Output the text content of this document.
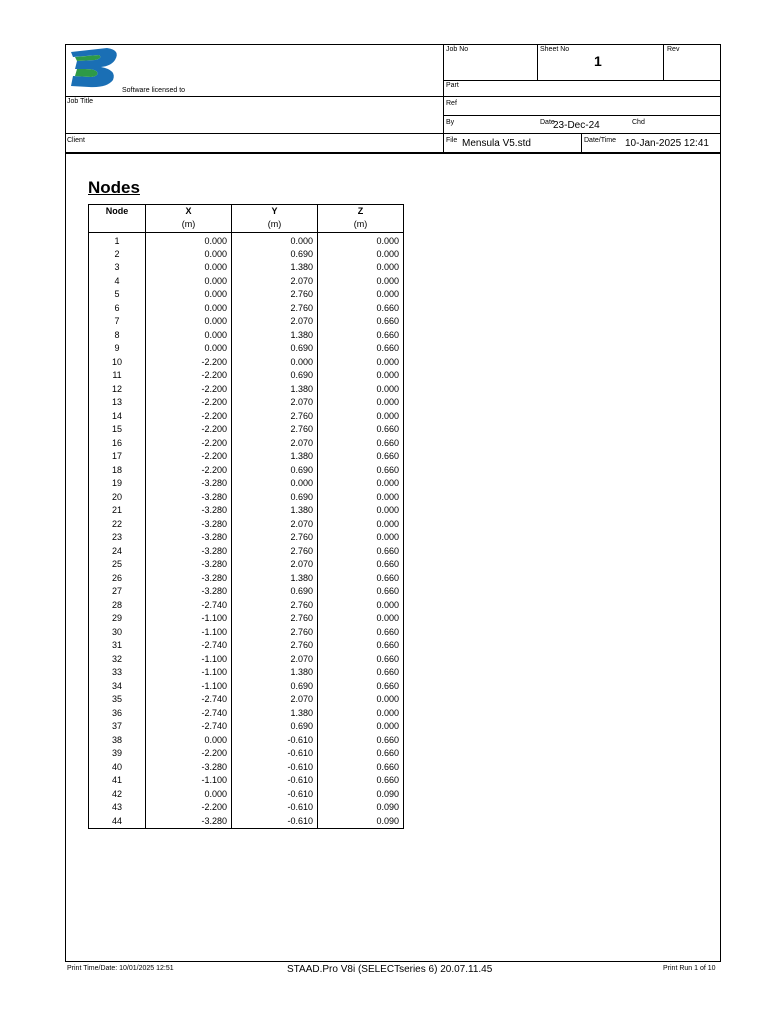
Software licensed to
Job Title
Client
Job No	Sheet No
1
Rev
Part
Ref
By	Date
23-Dec-24	Chd
File Mensula V5.std	Date/Time 10-Jan-2025 12:41
Nodes
Node	X	Y	Z
	(m)	(m)	(m)
1	0.000	0.000	0.000
2	0.000	0.690	0.000
3	0.000	1.380	0.000
4	0.000	2.070	0.000
5	0.000	2.760	0.000
6	0.000	2.760	0.660
7	0.000	2.070	0.660
8	0.000	1.380	0.660
9	0.000	0.690	0.660
10	-2.200	0.000	0.000
11	-2.200	0.690	0.000
12	-2.200	1.380	0.000
13	-2.200	2.070	0.000
14	-2.200	2.760	0.000
15	-2.200	2.760	0.660
16	-2.200	2.070	0.660
17	-2.200	1.380	0.660
18	-2.200	0.690	0.660
19	-3.280	0.000	0.000
20	-3.280	0.690	0.000
21	-3.280	1.380	0.000
22	-3.280	2.070	0.000
23	-3.280	2.760	0.000
24	-3.280	2.760	0.660
25	-3.280	2.070	0.660
26	-3.280	1.380	0.660
27	-3.280	0.690	0.660
28	-2.740	2.760	0.000
29	-1.100	2.760	0.000
30	-1.100	2.760	0.660
31	-2.740	2.760	0.660
32	-1.100	2.070	0.660
33	-1.100	1.380	0.660
34	-1.100	0.690	0.660
35	-2.740	2.070	0.000
36	-2.740	1.380	0.000
37	-2.740	0.690	0.000
38	0.000	-0.610	0.660
39	-2.200	-0.610	0.660
40	-3.280	-0.610	0.660
41	-1.100	-0.610	0.660
42	0.000	-0.610	0.090
43	-2.200	-0.610	0.090
44	-3.280	-0.610	0.090
Print Time/Date: 10/01/2025 12:51	STAAD.Pro V8i (SELECTseries 6) 20.07.11.45	Print Run 1 of 10
